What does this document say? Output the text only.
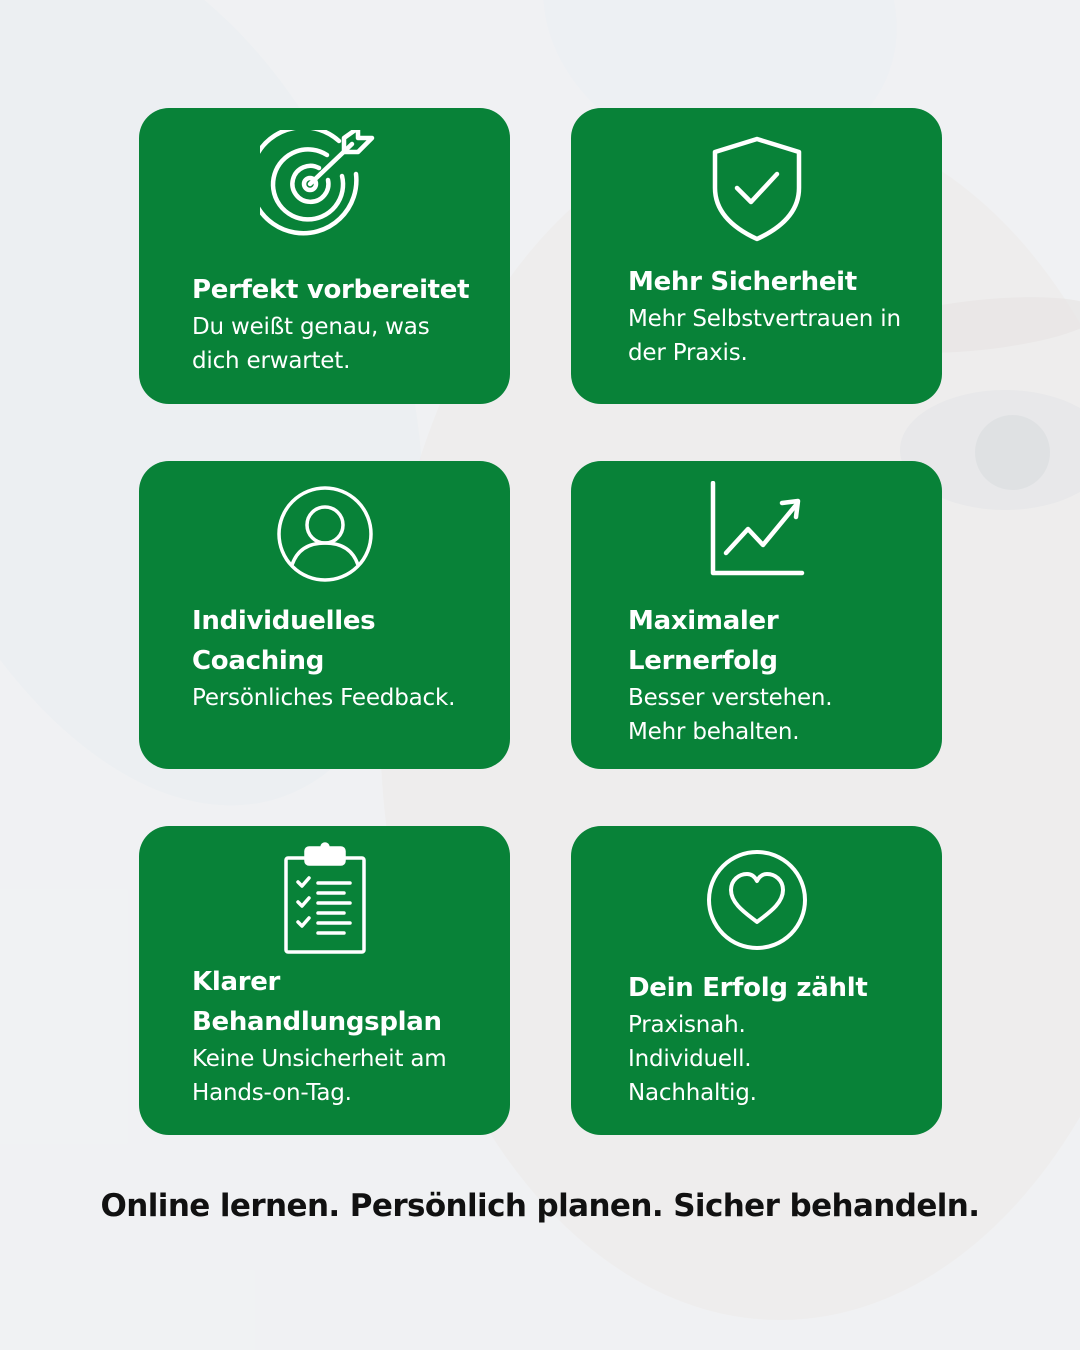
Perfekt vorbereitet

Du weißt genau, was

dich erwartet.

Mehr Sicherheit

Mehr Selbstvertrauen in

der Praxis.

Individuelles
Coaching

Persönliches Feedback.

Maximaler
Lernerfolg

Besser verstehen.

Mehr behalten.

Klarer
Behandlungsplan

Keine Unsicherheit am

Hands-on-Tag.

Dein Erfolg zählt

Praxisnah.

Individuell.

Nachhaltig.

Online lernen. Persönlich planen. Sicher behandeln.
